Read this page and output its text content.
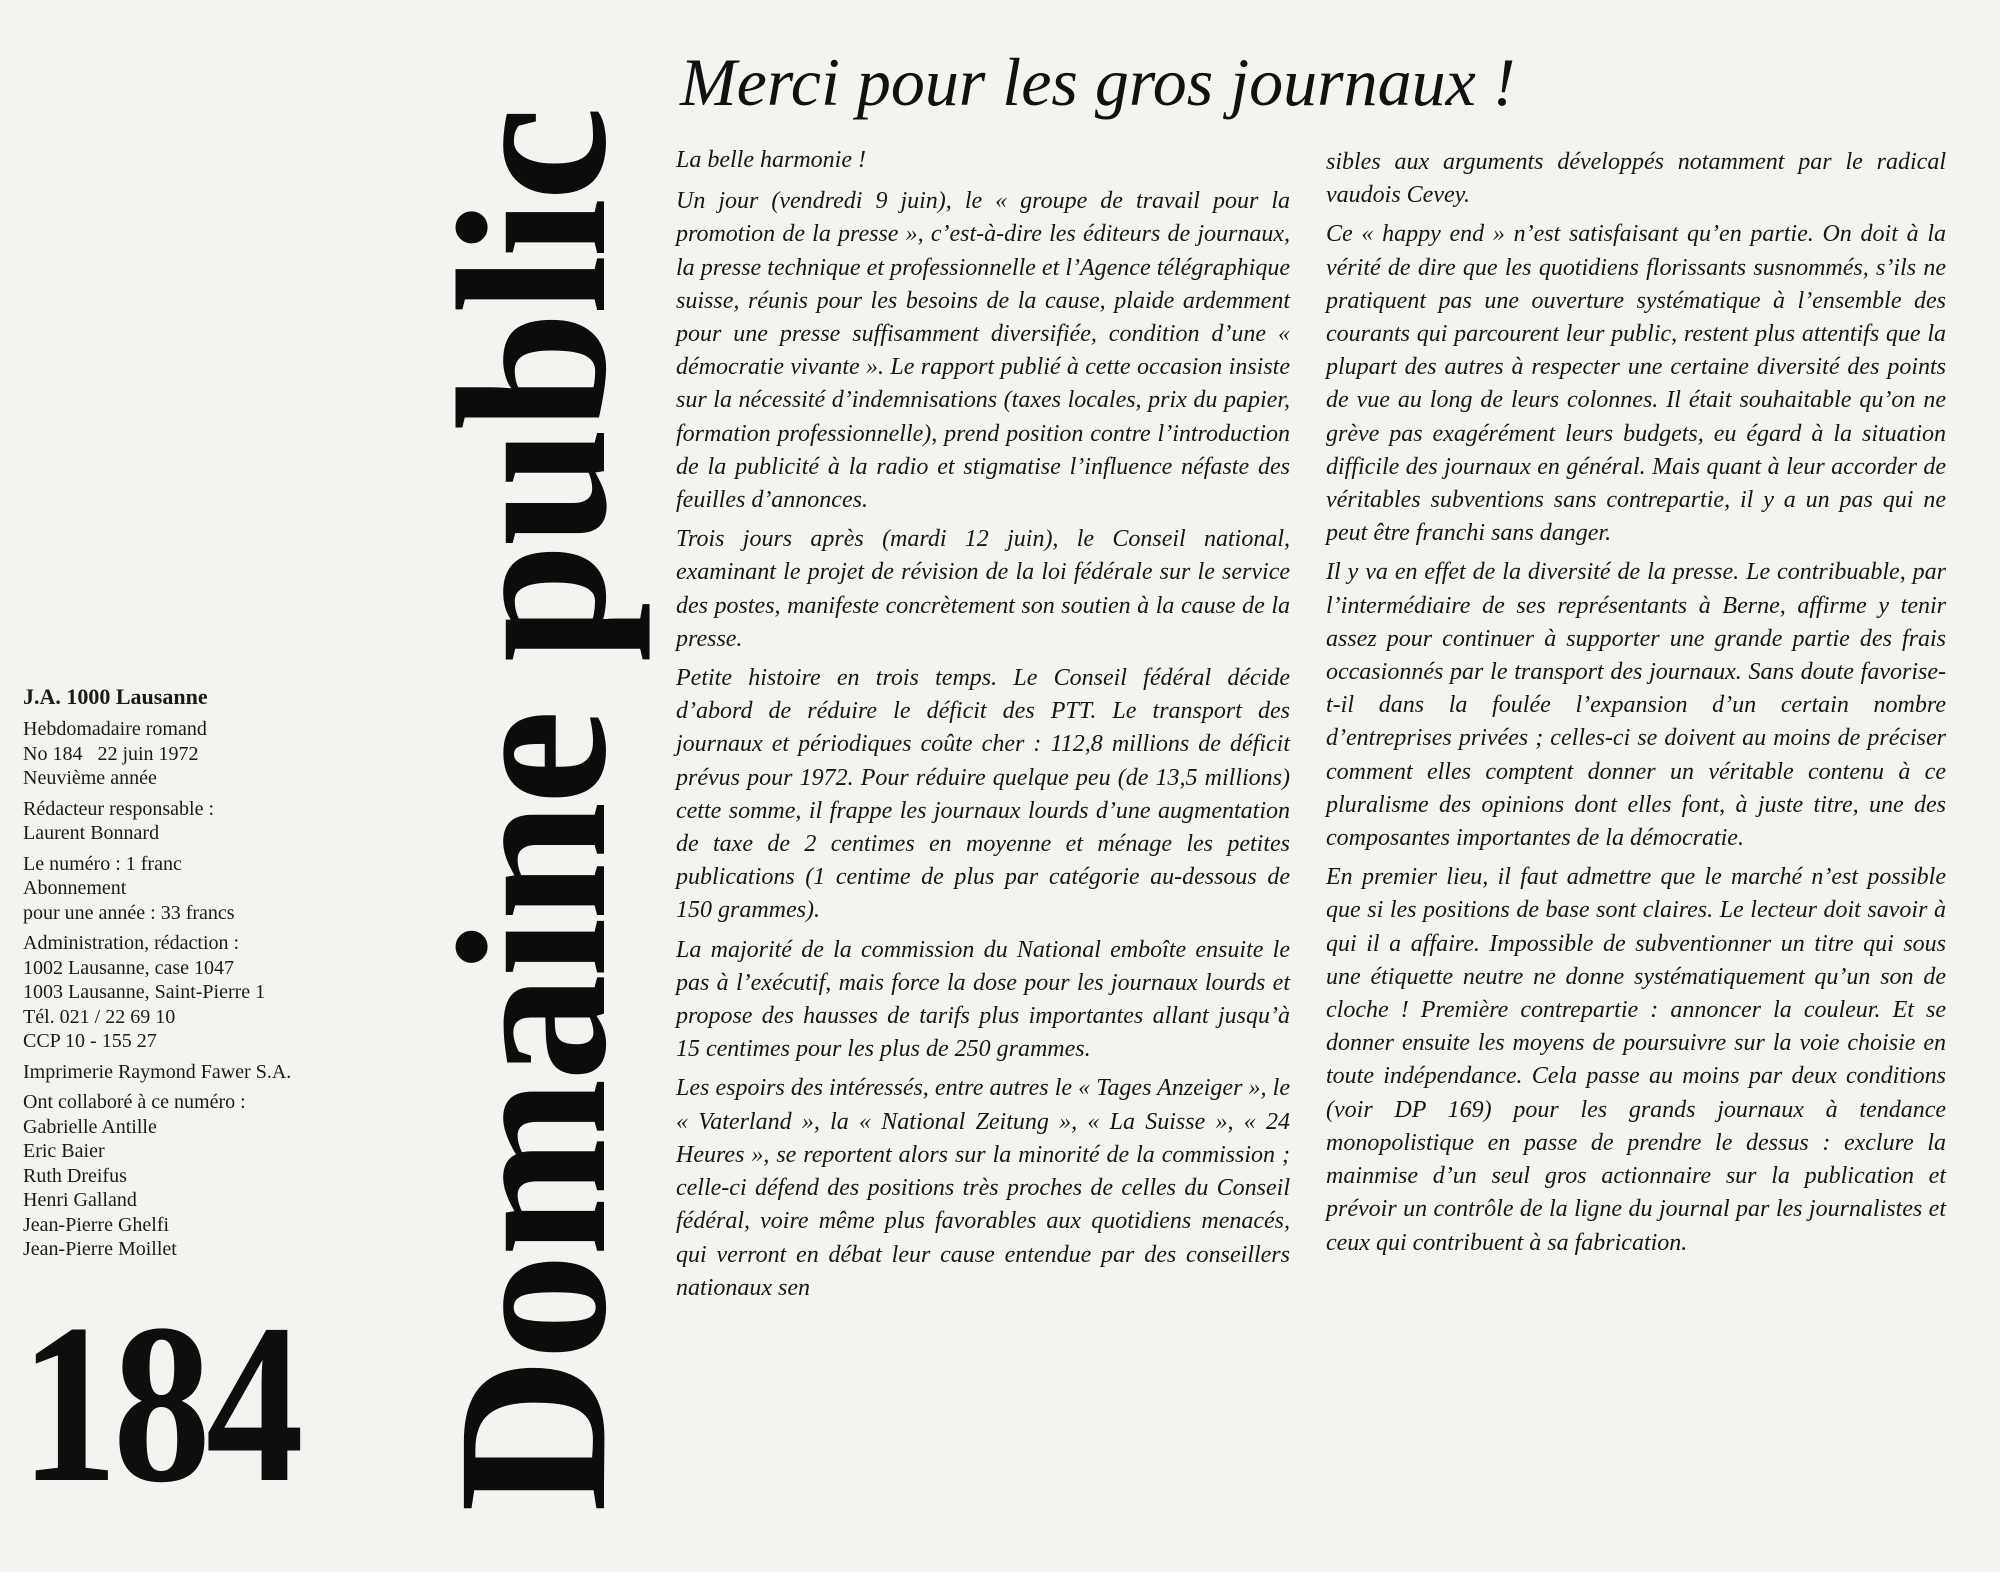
J.A. 1000 Lausanne
Hebdomadaire romand
No 184   22 juin 1972
Neuvième année
Rédacteur responsable :
Laurent Bonnard
Le numéro : 1 franc
Abonnement
pour une année : 33 francs
Administration, rédaction :
1002 Lausanne, case 1047
1003 Lausanne, Saint-Pierre 1
Tél. 021 / 22 69 10
CCP 10 - 155 27
Imprimerie Raymond Fawer S.A.
Ont collaboré à ce numéro :
Gabrielle Antille
Eric Baier
Ruth Dreifus
Henri Galland
Jean-Pierre Ghelfi
Jean-Pierre Moillet
184 Domaine public
Merci pour les gros journaux !

La belle harmonie !

Un jour (vendredi 9 juin), le « groupe de travail pour la promotion de la presse », c’est-à-dire les éditeurs de journaux, la presse technique et professionnelle et l’Agence télégraphique suisse, réunis pour les besoins de la cause, plaide ardemment pour une presse suffisamment diversifiée, condition d’une « démocratie vivante ». Le rapport publié à cette occasion insiste sur la nécessité d’indemnisations (taxes locales, prix du papier, formation professionnelle), prend position contre l’introduction de la publicité à la radio et stigmatise l’influence néfaste des feuilles d’annonces.

Trois jours après (mardi 12 juin), le Conseil national, examinant le projet de révision de la loi fédérale sur le service des postes, manifeste concrètement son soutien à la cause de la presse.

Petite histoire en trois temps. Le Conseil fédéral décide d’abord de réduire le déficit des PTT. Le transport des journaux et périodiques coûte cher : 112,8 millions de déficit prévus pour 1972. Pour réduire quelque peu (de 13,5 millions) cette somme, il frappe les journaux lourds d’une augmentation de taxe de 2 centimes en moyenne et ménage les petites publications (1 centime de plus par catégorie au-dessous de 150 grammes).

La majorité de la commission du National emboîte ensuite le pas à l’exécutif, mais force la dose pour les journaux lourds et propose des hausses de tarifs plus importantes allant jusqu’à 15 centimes pour les plus de 250 grammes.

Les espoirs des intéressés, entre autres le « Tages Anzeiger », le « Vaterland », la « National Zeitung », « La Suisse », « 24 Heures », se reportent alors sur la minorité de la commission ; celle-ci défend des positions très proches de celles du Conseil fédéral, voire même plus favorables aux quotidiens menacés, qui verront en débat leur cause entendue par des conseillers nationaux sen

sibles aux arguments développés notamment par le radical vaudois Cevey.

Ce « happy end » n’est satisfaisant qu’en partie. On doit à la vérité de dire que les quotidiens florissants susnommés, s’ils ne pratiquent pas une ouverture systématique à l’ensemble des courants qui parcourent leur public, restent plus attentifs que la plupart des autres à respecter une certaine diversité des points de vue au long de leurs colonnes. Il était souhaitable qu’on ne grève pas exagérément leurs budgets, eu égard à la situation difficile des journaux en général. Mais quant à leur accorder de véritables subventions sans contrepartie, il y a un pas qui ne peut être franchi sans danger.

Il y va en effet de la diversité de la presse. Le contribuable, par l’intermédiaire de ses représentants à Berne, affirme y tenir assez pour continuer à supporter une grande partie des frais occasionnés par le transport des journaux. Sans doute favorise-t-il dans la foulée l’expansion d’un certain nombre d’entreprises privées ; celles-ci se doivent au moins de préciser comment elles comptent donner un véritable contenu à ce pluralisme des opinions dont elles font, à juste titre, une des composantes importantes de la démocratie.

En premier lieu, il faut admettre que le marché n’est possible que si les positions de base sont claires. Le lecteur doit savoir à qui il a affaire. Impossible de subventionner un titre qui sous une étiquette neutre ne donne systématiquement qu’un son de cloche ! Première contrepartie : annoncer la couleur. Et se donner ensuite les moyens de poursuivre sur la voie choisie en toute indépendance. Cela passe au moins par deux conditions (voir DP 169) pour les grands journaux à tendance monopolistique en passe de prendre le dessus : exclure la mainmise d’un seul gros actionnaire sur la publication et prévoir un contrôle de la ligne du journal par les journalistes et ceux qui contribuent à sa fabrication.
